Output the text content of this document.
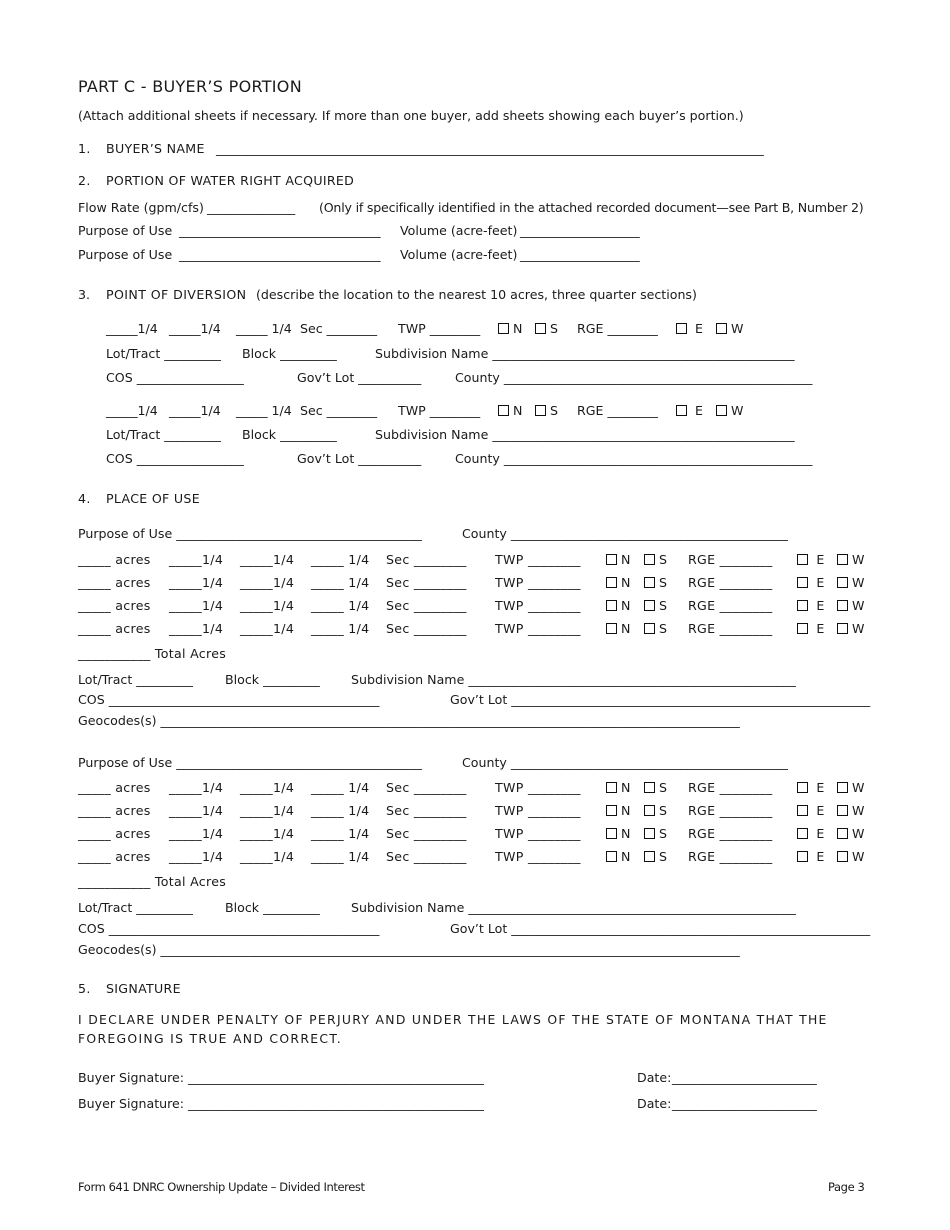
PART C - BUYER’S PORTION
(Attach additional sheets if necessary. If more than one buyer, add sheets showing each buyer’s portion.)
1. BUYER’S NAME _______________________________________________________________________________________
2. PORTION OF WATER RIGHT ACQUIRED
Flow Rate (gpm/cfs) ______________ (Only if specifically identified in the attached recorded document—see Part B, Number 2)
Purpose of Use ________________________________ Volume (acre-feet) ___________________
Purpose of Use ________________________________ Volume (acre-feet) ___________________
3. POINT OF DIVERSION (describe the location to the nearest 10 acres, three quarter sections)
_____1/4 _____1/4 _____ 1/4 Sec ________ TWP ________	N	S RGE ________	E	W
Lot/Tract _________ Block _________	Subdivision Name ________________________________________________
COS _________________	Gov’t Lot __________	County _________________________________________________
_____1/4 _____1/4 _____ 1/4 Sec ________ TWP ________	N	S RGE ________	E	W
Lot/Tract _________ Block _________	Subdivision Name ________________________________________________
COS _________________	Gov’t Lot __________	County _________________________________________________
4. PLACE OF USE
Purpose of Use _______________________________________	County ____________________________________________
_____ acres _____1/4 _____1/4 _____ 1/4 Sec ________ TWP ________	N	S RGE ________	E	W
_____ acres _____1/4 _____1/4 _____ 1/4 Sec ________ TWP ________	N	S RGE ________	E	W
_____ acres _____1/4 _____1/4 _____ 1/4 Sec ________ TWP ________	N	S RGE ________	E	W
_____ acres _____1/4 _____1/4 _____ 1/4 Sec ________ TWP ________	N	S RGE ________	E	W
___________ Total Acres
Lot/Tract _________	Block _________ Subdivision Name ____________________________________________________
COS ___________________________________________	Gov’t Lot _________________________________________________________
Geocodes(s) ____________________________________________________________________________________________
Purpose of Use _______________________________________	County ____________________________________________
_____ acres _____1/4 _____1/4 _____ 1/4 Sec ________ TWP ________	N	S RGE ________	E	W
_____ acres _____1/4 _____1/4 _____ 1/4 Sec ________ TWP ________	N	S RGE ________	E	W
_____ acres _____1/4 _____1/4 _____ 1/4 Sec ________ TWP ________	N	S RGE ________	E	W
_____ acres _____1/4 _____1/4 _____ 1/4 Sec ________ TWP ________	N	S RGE ________	E	W
___________ Total Acres
Lot/Tract _________	Block _________ Subdivision Name ____________________________________________________
COS ___________________________________________	Gov’t Lot _________________________________________________________
Geocodes(s) ____________________________________________________________________________________________
5. SIGNATURE
I DECLARE UNDER PENALTY OF PERJURY AND UNDER THE LAWS OF THE STATE OF MONTANA THAT THE FOREGOING IS TRUE AND CORRECT.
Buyer Signature: _______________________________________________	Date: _______________________
Buyer Signature: _______________________________________________	Date: _______________________
Form 641 DNRC Ownership Update – Divided Interest	Page 3
